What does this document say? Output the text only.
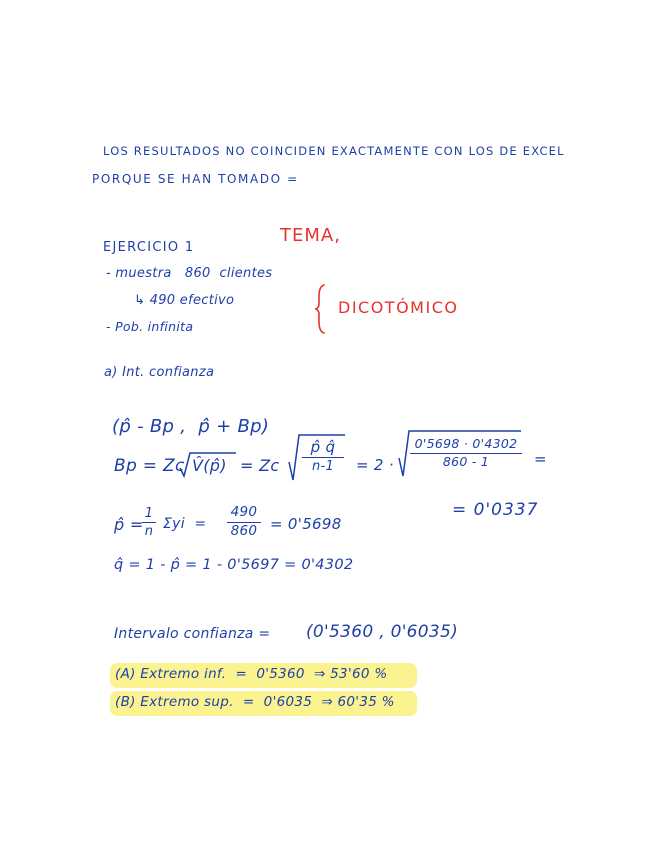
LOS RESULTADOS NO COINCIDEN EXACTAMENTE CON LOS DE EXCEL
PORQUE SE HAN TOMADO =
TEMA,
EJERCICIO 1
- muestra   860  clientes
↳ 490 efectivo
- Pob. infinita
DICOTÓMICO
a) Int. confianza
(p̂ - Bp ,  p̂ + Bp)
Bp = Zc V̂(p̂) = Zc
p̂ q̂
n-1	= 2 ·
0'5698 · 0'4302
860 - 1	=
= 0'0337
p̂ =
1
n Σyi  =
490
860 = 0'5698
q̂ = 1 - p̂ = 1 - 0'5697 = 0'4302
Intervalo confianza = (0'5360 , 0'6035)
(A) Extremo inf.  =  0'5360  ⇒ 53'60 %
(B) Extremo sup.  =  0'6035  ⇒ 60'35 %
